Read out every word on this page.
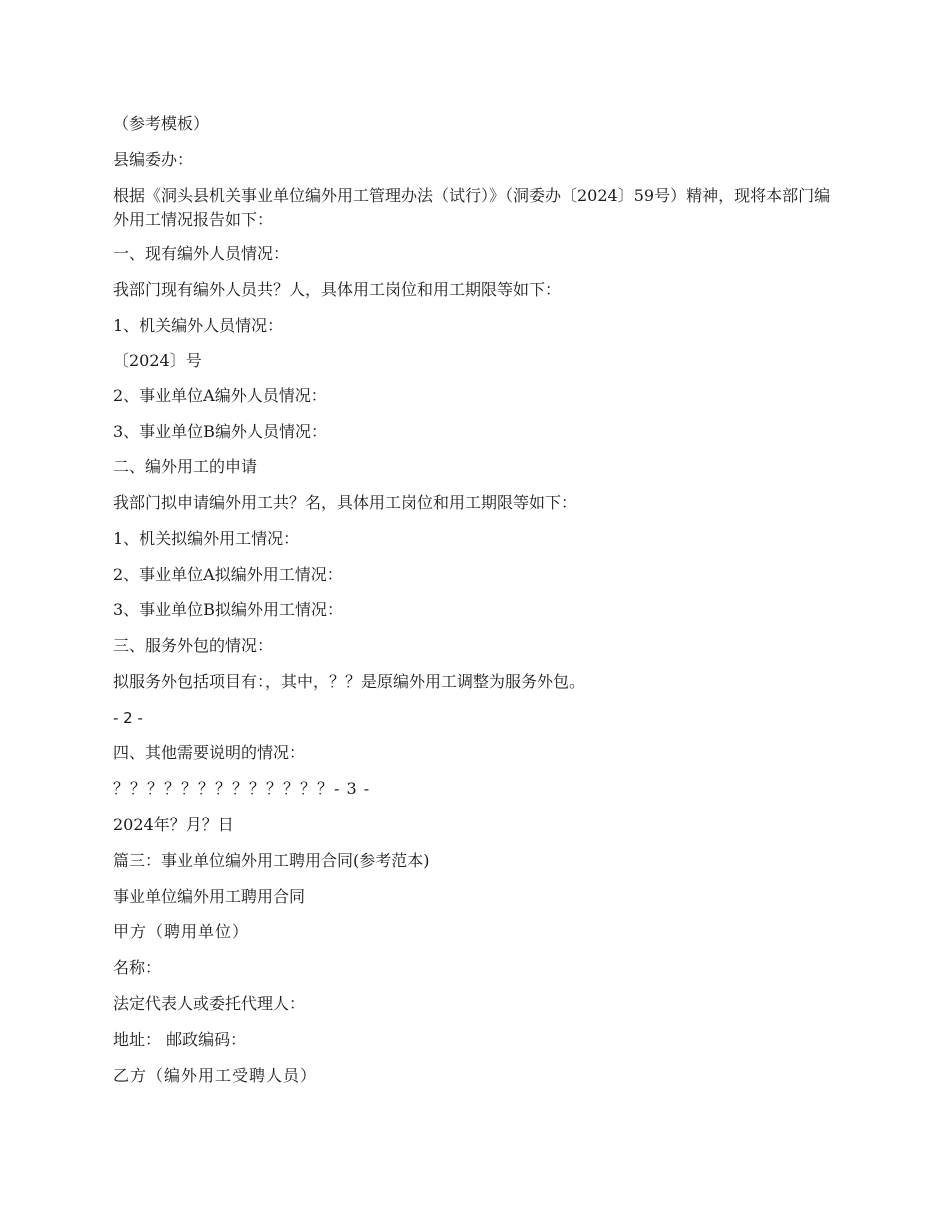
（参考模板）
县编委办：
根据《洞头县机关事业单位编外用工管理办法（试行）》（洞委办〔2024〕59号）精神，现将本部门编外用工情况报告如下：
一、现有编外人员情况：
我部门现有编外人员共？人，具体用工岗位和用工期限等如下：
1、机关编外人员情况：
〔2024〕号
2、事业单位A编外人员情况：
3、事业单位B编外人员情况：
二、编外用工的申请
我部门拟申请编外用工共？名，具体用工岗位和用工期限等如下：
1、机关拟编外用工情况：
2、事业单位A拟编外用工情况：
3、事业单位B拟编外用工情况：
三、服务外包的情况：
拟服务外包括项目有：，其中，？？是原编外用工调整为服务外包。
- 2 -
四、其他需要说明的情况：
？？？？？？？？？？？？？- 3 -
2024年？月？日
篇三：事业单位编外用工聘用合同(参考范本)
事业单位编外用工聘用合同
甲方（聘用单位）
名称：
法定代表人或委托代理人：
地址： 邮政编码：
乙方（编外用工受聘人员）
